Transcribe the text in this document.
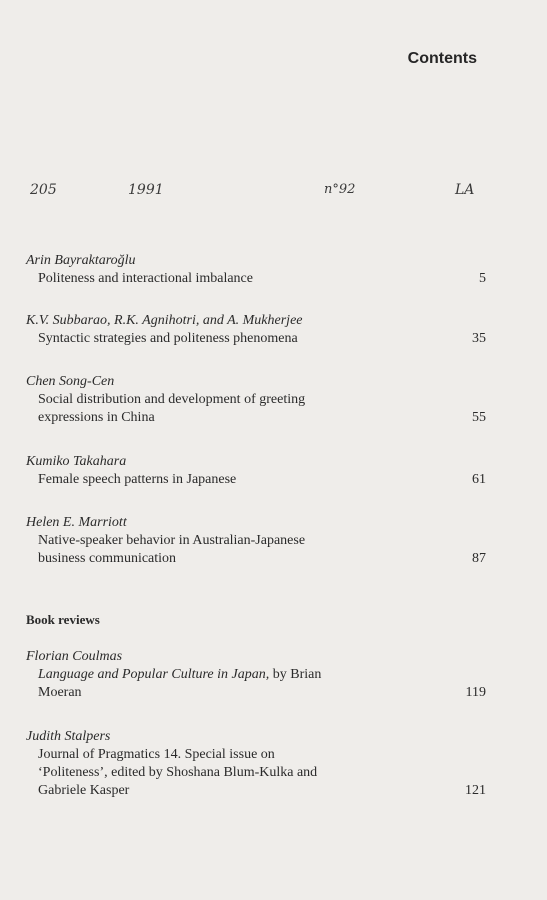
Contents
205	1991	n°92	LA
Arin Bayraktaroğlu
Politeness and interactional imbalance	5
K.V. Subbarao, R.K. Agnihotri, and A. Mukherjee
Syntactic strategies and politeness phenomena	35
Chen Song-Cen
Social distribution and development of greeting
expressions in China	55
Kumiko Takahara
Female speech patterns in Japanese	61
Helen E. Marriott
Native-speaker behavior in Australian-Japanese
business communication	87
Book reviews
Florian Coulmas
Language and Popular Culture in Japan, by Brian
Moeran	119
Judith Stalpers
Journal of Pragmatics 14. Special issue on
‘Politeness’, edited by Shoshana Blum-Kulka and
Gabriele Kasper	121
